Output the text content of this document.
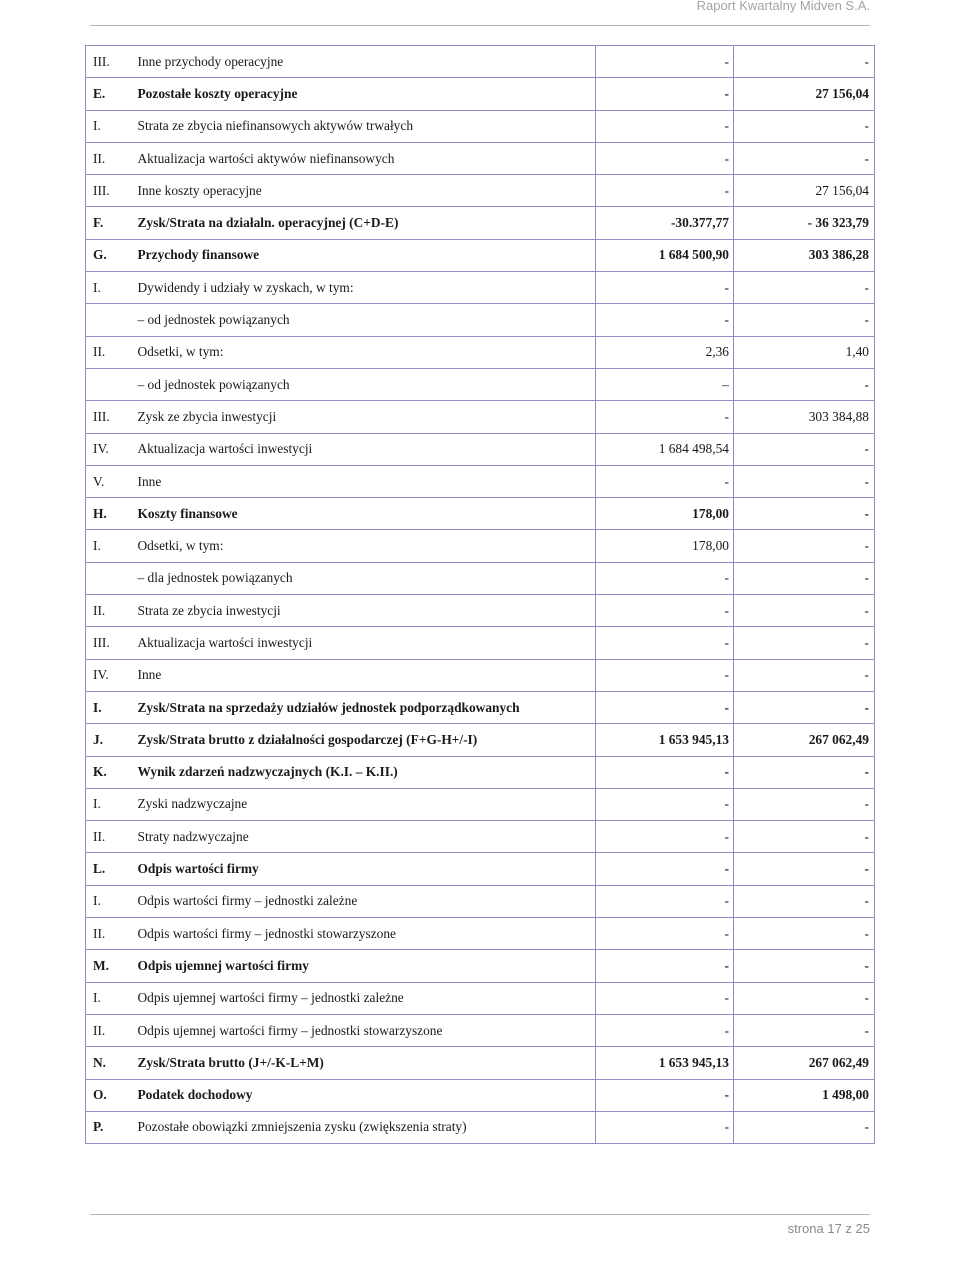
Raport Kwartalny Midven S.A.
III.	Inne przychody operacyjne	-	-
E.	Pozostałe koszty operacyjne	-	27 156,04
I.	Strata ze zbycia niefinansowych aktywów trwałych	-	-
II.	Aktualizacja wartości aktywów niefinansowych	-	-
III.	Inne koszty operacyjne	-	27 156,04
F.	Zysk/Strata na działaln. operacyjnej (C+D-E)	-30.377,77	- 36 323,79
G.	Przychody finansowe	1 684 500,90	303 386,28
I.	Dywidendy i udziały w zyskach, w tym:	-	-
	– od jednostek powiązanych	-	-
II.	Odsetki, w tym:	2,36	1,40
	– od jednostek powiązanych	–	-
III.	Zysk ze zbycia inwestycji	-	303 384,88
IV.	Aktualizacja wartości inwestycji	1 684 498,54	-
V.	Inne	-	-
H.	Koszty finansowe	178,00	-
I.	Odsetki, w tym:	178,00	-
	– dla jednostek powiązanych	-	-
II.	Strata ze zbycia inwestycji	-	-
III.	Aktualizacja wartości inwestycji	-	-
IV.	Inne	-	-
I.	Zysk/Strata na sprzedaży udziałów jednostek podporządkowanych	-	-
J.	Zysk/Strata brutto z działalności gospodarczej (F+G-H+/-I)	1 653 945,13	267 062,49
K.	Wynik zdarzeń nadzwyczajnych (K.I. – K.II.)	-	-
I.	Zyski nadzwyczajne	-	-
II.	Straty nadzwyczajne	-	-
L.	Odpis wartości firmy	-	-
I.	Odpis wartości firmy – jednostki zależne	-	-
II.	Odpis wartości firmy – jednostki stowarzyszone	-	-
M.	Odpis ujemnej wartości firmy	-	-
I.	Odpis ujemnej wartości firmy – jednostki zależne	-	-
II.	Odpis ujemnej wartości firmy – jednostki stowarzyszone	-	-
N.	Zysk/Strata brutto (J+/-K-L+M)	1 653 945,13	267 062,49
O.	Podatek dochodowy	-	1 498,00
P.	Pozostałe obowiązki zmniejszenia zysku (zwiększenia straty)	-	-
strona 17 z 25
